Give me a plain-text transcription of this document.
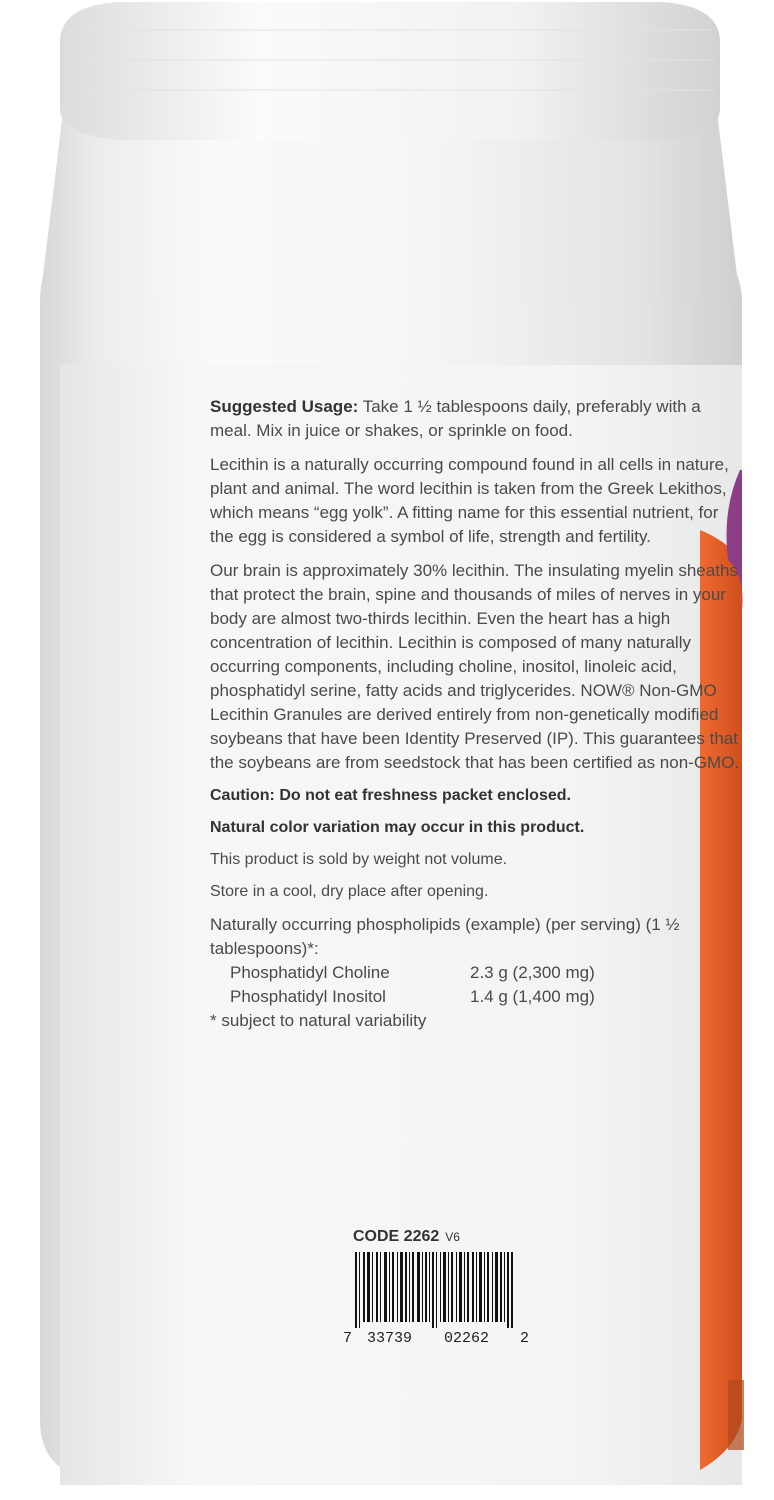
Suggested Usage: Take 1 ½ tablespoons daily, preferably with a meal. Mix in juice or shakes, or sprinkle on food.

Lecithin is a naturally occurring compound found in all cells in nature, plant and animal. The word lecithin is taken from the Greek Lekithos, which means “egg yolk”. A fitting name for this essential nutrient, for the egg is considered a symbol of life, strength and fertility.

Our brain is approximately 30% lecithin. The insulating myelin sheaths that protect the brain, spine and thousands of miles of nerves in your body are almost two-thirds lecithin. Even the heart has a high concentration of lecithin. Lecithin is composed of many naturally occurring components, including choline, inositol, linoleic acid, phosphatidyl serine, fatty acids and triglycerides. NOW® Non-GMO Lecithin Granules are derived entirely from non-genetically modified soybeans that have been Identity Preserved (IP). This guarantees that the soybeans are from seedstock that has been certified as non-GMO.

Caution: Do not eat freshness packet enclosed.

Natural color variation may occur in this product.

This product is sold by weight not volume.

Store in a cool, dry place after opening.

Naturally occurring phospholipids (example) (per serving) (1 ½ tablespoons)*:

Phosphatidyl Choline	2.3 g (2,300 mg)
Phosphatidyl Inositol	1.4 g (1,400 mg)

* subject to natural variability

CODE 2262 V6
7 33739 02262 2
